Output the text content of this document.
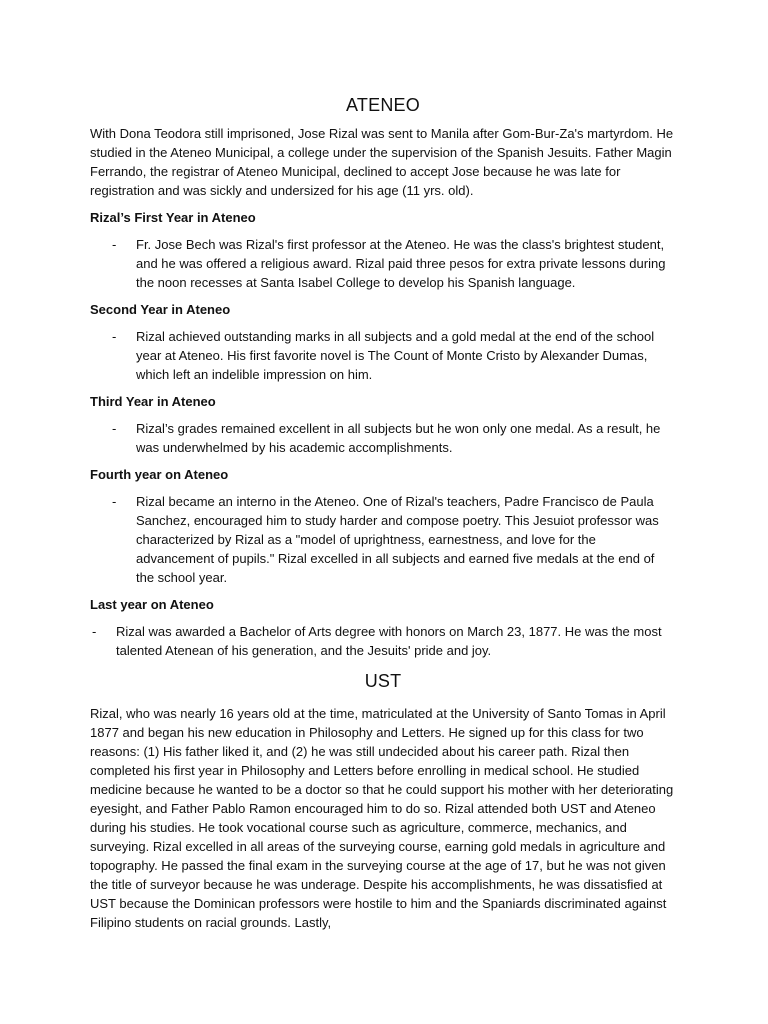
ATENEO

With Dona Teodora still imprisoned, Jose Rizal was sent to Manila after Gom-Bur-Za's martyrdom. He studied in the Ateneo Municipal, a college under the supervision of the Spanish Jesuits. Father Magin Ferrando, the registrar of Ateneo Municipal, declined to accept Jose because he was late for registration and was sickly and undersized for his age (11 yrs. old).

Rizal’s First Year in Ateneo
- Fr. Jose Bech was Rizal's first professor at the Ateneo. He was the class's brightest student, and he was offered a religious award. Rizal paid three pesos for extra private lessons during the noon recesses at Santa Isabel College to develop his Spanish language.
Second Year in Ateneo
- Rizal achieved outstanding marks in all subjects and a gold medal at the end of the school year at Ateneo. His first favorite novel is The Count of Monte Cristo by Alexander Dumas, which left an indelible impression on him.
Third Year in Ateneo
- Rizal’s grades remained excellent in all subjects but he won only one medal. As a result, he was underwhelmed by his academic accomplishments.
Fourth year on Ateneo
- Rizal became an interno in the Ateneo. One of Rizal's teachers, Padre Francisco de Paula Sanchez, encouraged him to study harder and compose poetry. This Jesuiot professor was characterized by Rizal as a "model of uprightness, earnestness, and love for the advancement of pupils." Rizal excelled in all subjects and earned five medals at the end of the school year.
Last year on Ateneo
- Rizal was awarded a Bachelor of Arts degree with honors on March 23, 1877. He was the most talented Atenean of his generation, and the Jesuits' pride and joy.
UST

Rizal, who was nearly 16 years old at the time, matriculated at the University of Santo Tomas in April 1877 and began his new education in Philosophy and Letters. He signed up for this class for two reasons: (1) His father liked it, and (2) he was still undecided about his career path. Rizal then completed his first year in Philosophy and Letters before enrolling in medical school. He studied medicine because he wanted to be a doctor so that he could support his mother with her deteriorating eyesight, and Father Pablo Ramon encouraged him to do so. Rizal attended both UST and Ateneo during his studies. He took vocational course such as agriculture, commerce, mechanics, and surveying. Rizal excelled in all areas of the surveying course, earning gold medals in agriculture and topography. He passed the final exam in the surveying course at the age of 17, but he was not given the title of surveyor because he was underage. Despite his accomplishments, he was dissatisfied at UST because the Dominican professors were hostile to him and the Spaniards discriminated against Filipino students on racial grounds. Lastly,
